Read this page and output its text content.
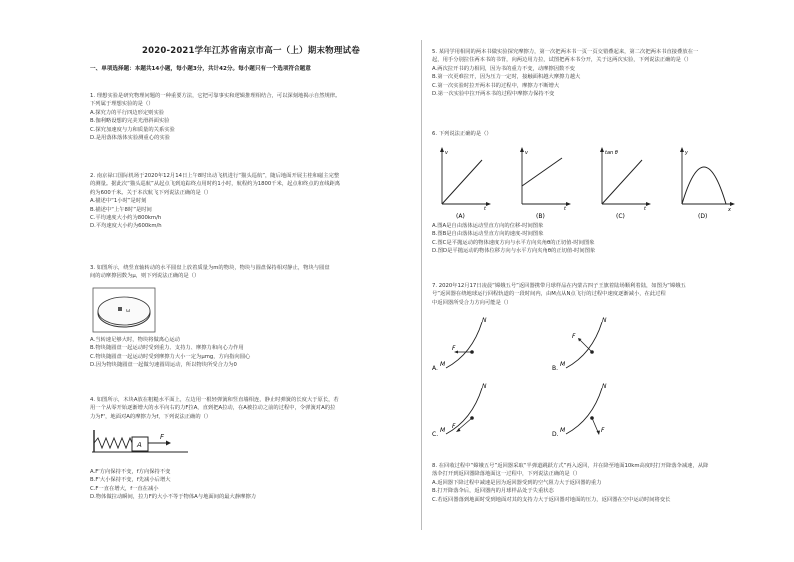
2020-2021学年江苏省南京市高一（上）期末物理试卷
一、单项选择题：本题共14小题，每小题3分，共计42分。每小题只有一个选项符合题意

1. 理想实验是研究物理问题的一种重要方法，它把可靠事实和逻辑推理相结合，可以深刻地揭示自然规律。

下列属于理想实验的是（）

A.探究力的平行四边形定则实验

B.伽利略设想的完美光滑斜面实验

C.探究加速度与力和质量的关系实验

D.是用落体落体实验测重心的实验

2. 南京禄口国际机场于2020年12月14日上午8时出动飞机进行“猫头巡航”，随后地面开展主桂和磁主完整

的测量。据此次“猫头巡航”从起点飞到追踪终点用时约1小时，航程约为1800千米，起点和终点的直线距离

约为600千米。关于本次航飞下列说法正确的是（）

A.描述中“1小时”是时刻

B.描述中“上午8时”是时间

C.平均速度大小约为800km/h

D.平均速度大小约为600km/h

3. 如图所示，绕竖直轴转动的水平圆盘上放着质量为m的物块，物块与圆盘保持相对静止，物块与圆盘

间的动摩擦因数为μ，则下列说法正确的是（）

ω

A.当转速足够大时，物块将做离心运动

B.物块随圆盘一起运动时受到重力、支持力、摩擦力和向心力作用

C.物块随圆盘一起运动时受到摩擦力大小一定为μmg，方向指向圆心

D.因为物块随圆盘一起做匀速圆周运动，所以物块所受合力为0

4. 如图所示，木块A放在粗糙水平面上，左边用一根轻弹簧和竖直墙相连，静止时弹簧的长度大于原长，若

用一个从零开始逐渐增大的水平向右的力F拉A，直到把A拉动，在A被拉动之前的过程中，令弹簧对A的拉

力为F'，地面对A的摩擦力为f，下列说法正确的（）

A
F

A.F'方向保持不变，f方向保持不变

B.F'大小保持不变，f先减小后增大

C.F一直在增大，f一直在减小

D.物体做拉动瞬间，拉力F的大小不等于物体A与地面间的最大静摩擦力

5. 某同学用相同的两本书做实验探究摩擦力，第一次把两本书一页一页交错叠起来，第二次把两本书直接叠放在一

起，用手分别拉住两本书的书背，向两边用力拉，试图把两本书分开，关于这两次实验，下列说法正确的是（）

A.两次拉开书的力相同，因为书的重力不变，动摩擦因数不变

B.第一次更难拉开，因为压力一定时，接触面积越大摩擦力越大

C.第一次实验时拉开两本书的过程中，摩擦力不断增大

D.第一次实验中拉开两本书的过程中摩擦力保持不变

6. 下列说法正确的是（）

v
t
(A)
v
t
(B)
tan θ
t
(C)
y
x
(D)

A.图A是自由落体运动竖直方向的位移-时间图象

B.图B是自由落体运动竖直方向的速度-时间图象

C.图C是平抛运动的物体速度方向与水平方向夹角θ的正切值-时间图象

D.图D是平抛运动的物体位移方向与水平方向夹角θ的正切值-时间图象

7. 2020年12月17日凌晨“嫦娥五号”返回器携带月球样品在内蒙古四子王旗着陆场顺利着陆，如图为“嫦娥五

号”返回器在绕地球运行回程轨道的一段时间内，由M点从N点飞行的过程中速度逐渐减小，在此过程

中返回器所受合力方向可能是（）

A.
F
M
N
B.
F
M
N
C.
F
M
N
D.
F
M
N

8. 在回收过程中“嫦娥五号”返回器采取“半弹道跳跃方式”再入返回，并在降至地面10km高度时打开降落伞减速，从降

落伞打开到返回器降落地面这一过程中，下列说法正确的是（）

A.返回器下降过程中减速是因为返回器受到的空气阻力大于返回器的重力

B.打开降落伞后，返回器内的月球样品处于失重状态

C.若返回器落到地面时受到地面对其的支持力大于返回器对地面的压力，返回器在空中运动时间将变长
